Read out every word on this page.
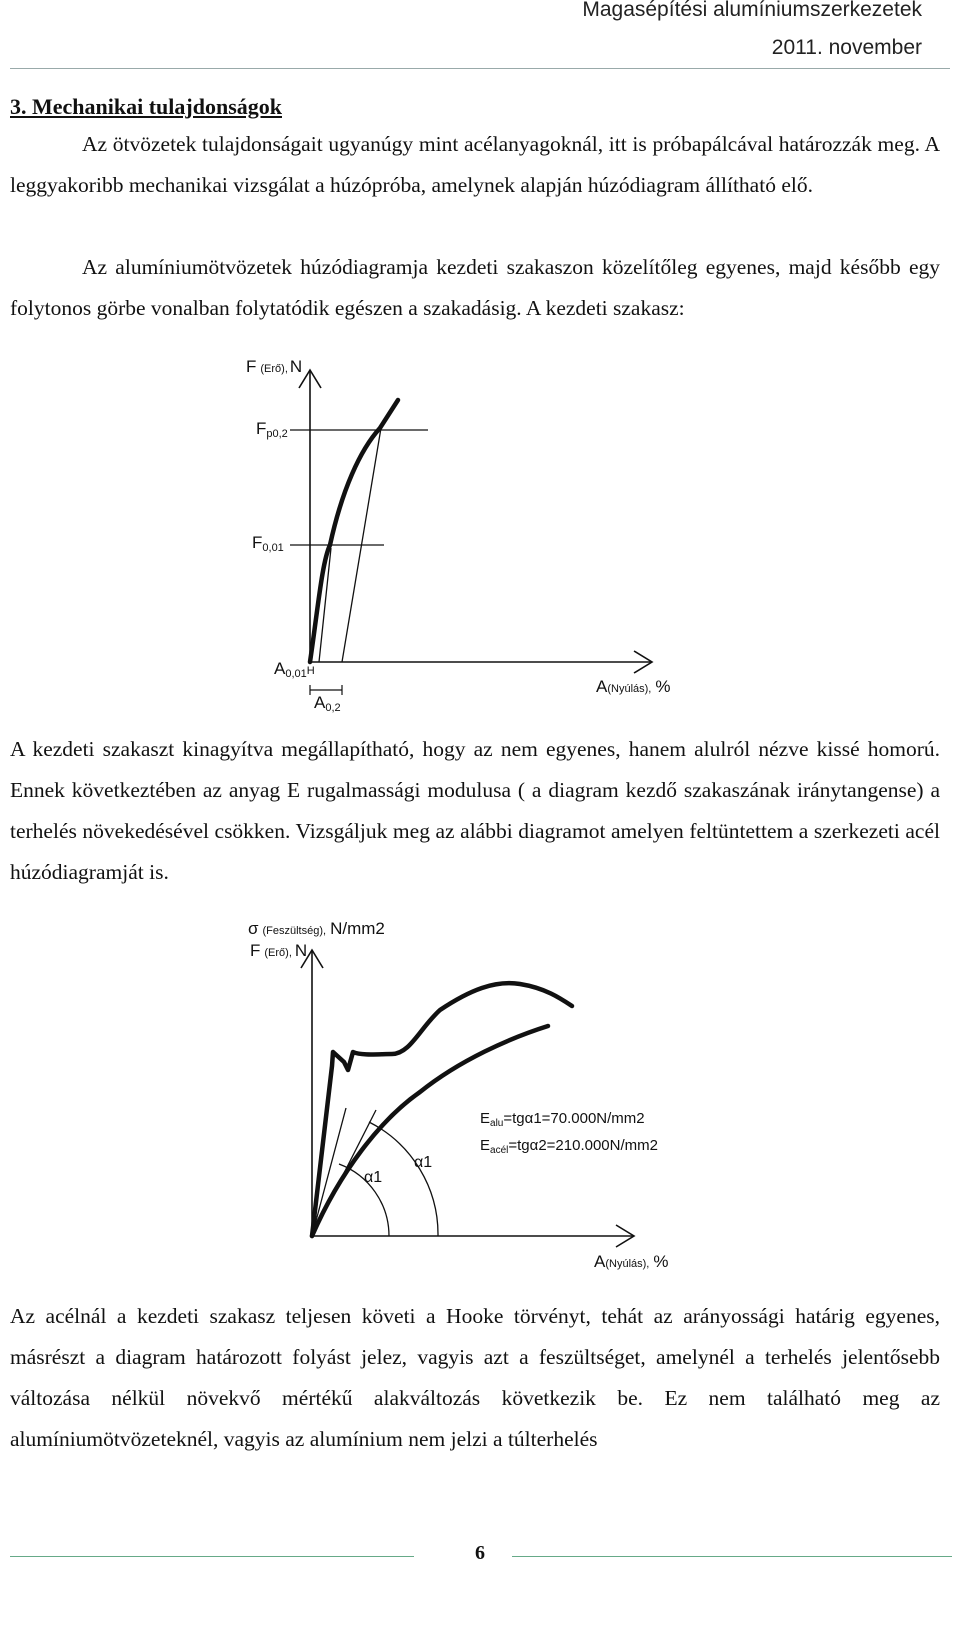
Magasépítési alumíniumszerkezetek
2011. november
3. Mechanikai tulajdonságok

Az ötvözetek tulajdonságait ugyanúgy mint acélanyagoknál, itt is próbapálcával határozzák meg. A leggyakoribb mechanikai vizsgálat a húzópróba, amelynek alapján húzódiagram állítható elő.

Az alumíniumötvözetek húzódiagramja kezdeti szakaszon közelítőleg egyenes, majd később egy folytonos görbe vonalban folytatódik egészen a szakadásig. A kezdeti szakasz:

F (Erő), N
Fp0,2
F0,01
A0,01H
A0,2
A(Nyúlás), %

A kezdeti szakaszt kinagyítva megállapítható, hogy az nem egyenes, hanem alulról nézve kissé homorú. Ennek következtében az anyag E rugalmassági modulusa ( a diagram kezdő szakaszának iránytangense) a terhelés növekedésével csökken. Vizsgáljuk meg az alábbi diagramot amelyen feltüntettem a szerkezeti acél húzódiagramját is.

σ (Feszültség), N/mm2
F (Erő), N
$E_{alu}=tg\alpha 1=70.000N/mm2$
$E_{acél}=tg\alpha 2=210.000N/mm2$
α1
α1
A(Nyúlás), %

Az acélnál a kezdeti szakasz teljesen követi a Hooke törvényt, tehát az arányossági határig egyenes, másrészt a diagram határozott folyást jelez, vagyis azt a feszültséget, amelynél a terhelés jelentősebb változása nélkül növekvő mértékű alakváltozás következik be. Ez nem található meg az alumíniumötvözeteknél, vagyis az alumínium nem jelzi a túlterhelés

6
